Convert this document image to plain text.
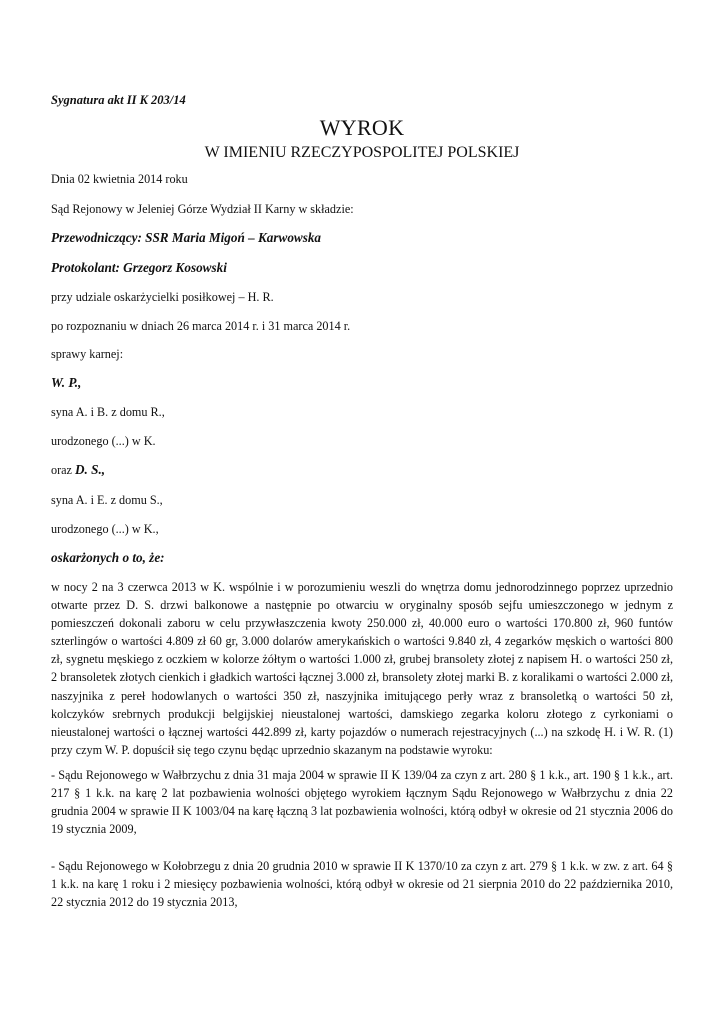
Sygnatura akt II K 203/14

WYROK

W IMIENIU RZECZYPOSPOLITEJ POLSKIEJ

Dnia 02 kwietnia 2014 roku

Sąd Rejonowy w Jeleniej Górze Wydział II Karny w składzie:

Przewodniczący: SSR Maria Migoń – Karwowska

Protokolant: Grzegorz Kosowski

przy udziale oskarżycielki posiłkowej – H. R.

po rozpoznaniu w dniach 26 marca 2014 r. i 31 marca 2014 r.

sprawy karnej:

W. P.,

syna A. i B. z domu R.,

urodzonego (...) w K.

oraz D. S.,

syna A. i E. z domu S.,

urodzonego (...) w K.,

oskarżonych o to, że:

w nocy 2 na 3 czerwca 2013 w K. wspólnie i w porozumieniu weszli do wnętrza domu jednorodzinnego poprzez uprzednio otwarte przez D. S. drzwi balkonowe a następnie po otwarciu w oryginalny sposób sejfu umieszczonego w jednym z pomieszczeń dokonali zaboru w celu przywłaszczenia kwoty 250.000 zł, 40.000 euro o wartości 170.800 zł, 960 funtów szterlingów o wartości 4.809 zł 60 gr, 3.000 dolarów amerykańskich o wartości 9.840 zł, 4 zegarków męskich o wartości 800 zł, sygnetu męskiego z oczkiem w kolorze żółtym o wartości 1.000 zł, grubej bransolety złotej z napisem H. o wartości 250 zł, 2 bransoletek złotych cienkich i gładkich wartości łącznej 3.000 zł, bransolety złotej marki B. z koralikami o wartości 2.000 zł, naszyjnika z pereł hodowlanych o wartości 350 zł, naszyjnika imitującego perły wraz z bransoletką o wartości 50 zł, kolczyków srebrnych produkcji belgijskiej nieustalonej wartości, damskiego zegarka koloru złotego z cyrkoniami o nieustalonej wartości o łącznej wartości 442.899 zł, karty pojazdów o numerach rejestracyjnych (...) na szkodę H. i W. R. (1) przy czym W. P. dopuścił się tego czynu będąc uprzednio skazanym na podstawie wyroku:

- Sądu Rejonowego w Wałbrzychu z dnia 31 maja 2004 w sprawie II K 139/04 za czyn z art. 280 § 1 k.k., art. 190 § 1 k.k., art. 217 § 1 k.k. na karę 2 lat pozbawienia wolności objętego wyrokiem łącznym Sądu Rejonowego w Wałbrzychu z dnia 22 grudnia 2004 w sprawie II K 1003/04 na karę łączną 3 lat pozbawienia wolności, którą odbył w okresie od 21 stycznia 2006 do 19 stycznia 2009,

- Sądu Rejonowego w Kołobrzegu z dnia 20 grudnia 2010 w sprawie II K 1370/10 za czyn z art. 279 § 1 k.k. w zw. z art. 64 § 1 k.k. na karę 1 roku i 2 miesięcy pozbawienia wolności, którą odbył w okresie od 21 sierpnia 2010 do 22 października 2010, 22 stycznia 2012 do 19 stycznia 2013,
